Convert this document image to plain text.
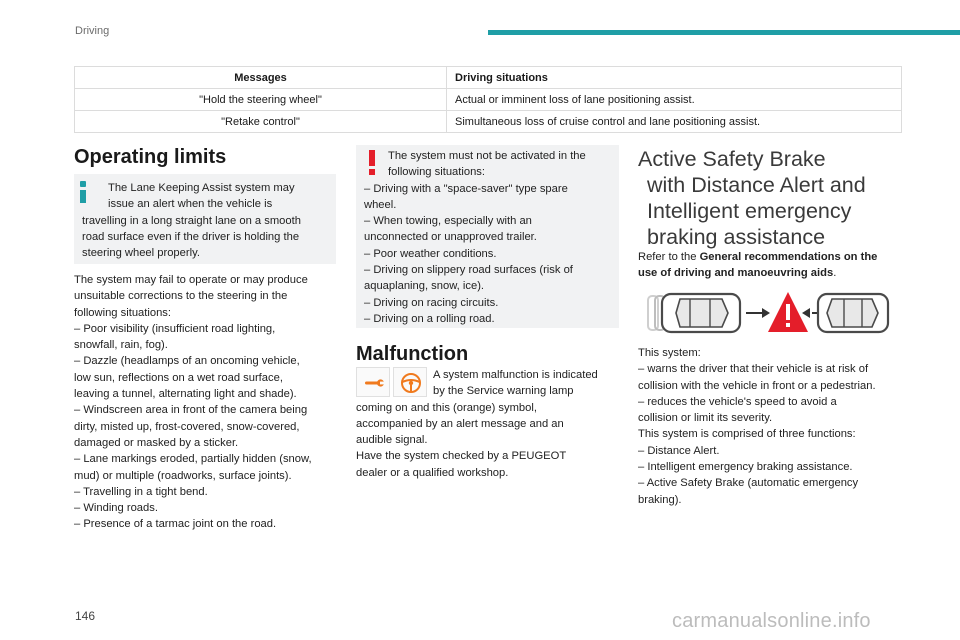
Driving
Messages	Driving situations
"Hold the steering wheel"	Actual or imminent loss of lane positioning assist.
"Retake control"	Simultaneous loss of cruise control and lane positioning assist.
Operating limits
The Lane Keeping Assist system may
issue an alert when the vehicle is
travelling in a long straight lane on a smooth
road surface even if the driver is holding the
steering wheel properly.
The system may fail to operate or may produce
unsuitable corrections to the steering in the
following situations:
– Poor visibility (insufficient road lighting,
snowfall, rain, fog).
– Dazzle (headlamps of an oncoming vehicle,
low sun, reflections on a wet road surface,
leaving a tunnel, alternating light and shade).
– Windscreen area in front of the camera being
dirty, misted up, frost-covered, snow-covered,
damaged or masked by a sticker.
– Lane markings eroded, partially hidden (snow,
mud) or multiple (roadworks, surface joints).
– Travelling in a tight bend.
– Winding roads.
– Presence of a tarmac joint on the road.
The system must not be activated in the
following situations:
– Driving with a "space-saver" type spare
wheel.
– When towing, especially with an
unconnected or unapproved trailer.
– Poor weather conditions.
– Driving on slippery road surfaces (risk of
aquaplaning, snow, ice).
– Driving on racing circuits.
– Driving on a rolling road.
Malfunction
A system malfunction is indicated
by the Service warning lamp
coming on and this (orange) symbol,
accompanied by an alert message and an
audible signal.
Have the system checked by a PEUGEOT
dealer or a qualified workshop.
Active Safety Brake
with Distance Alert and
Intelligent emergency
braking assistance
Refer to the General recommendations on the
use of driving and manoeuvring aids.
This system:
– warns the driver that their vehicle is at risk of
collision with the vehicle in front or a pedestrian.
– reduces the vehicle's speed to avoid a
collision or limit its severity.
This system is comprised of three functions:
– Distance Alert.
– Intelligent emergency braking assistance.
– Active Safety Brake (automatic emergency
braking).
146	carmanualsonline.info
